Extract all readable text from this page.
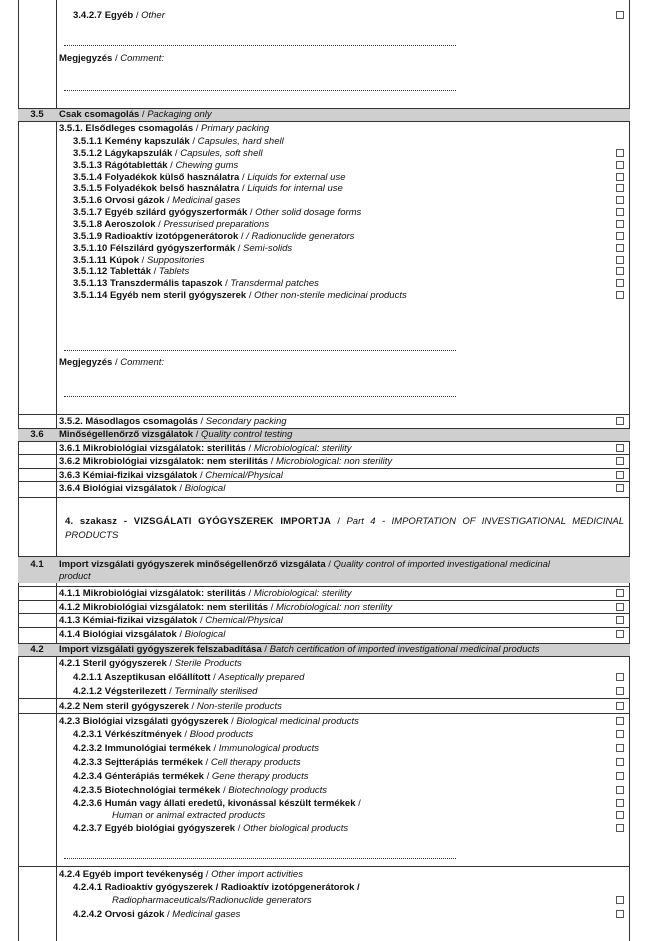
3.4.2.7 Egyéb / Other
Megjegyzés / Comment:
3.5	Csak csomagolás / Packaging only
3.5.1. Elsődleges csomagolás / Primary packing
3.5.1.1 Kemény kapszulák / Capsules, hard shell
3.5.1.2 Lágykapszulák / Capsules, soft shell
3.5.1.3 Rágótabletták / Chewing gums
3.5.1.4 Folyadékok külső használatra / Liquids for external use
3.5.1.5 Folyadékok belső használatra / Liquids for internal use
3.5.1.6 Orvosi gázok / Medicinal gases
3.5.1.7 Egyéb szilárd gyógyszerformák / Other solid dosage forms
3.5.1.8 Aeroszolok / Pressurised preparations
3.5.1.9 Radioaktív izotópgenerátorok / / Radionuclide generators
3.5.1.10 Félszilárd gyógyszerformák / Semi-solids
3.5.1.11 Kúpok / Suppositories
3.5.1.12 Tabletták / Tablets
3.5.1.13 Transzdermális tapaszok / Transdermal patches
3.5.1.14 Egyéb nem steril gyógyszerek / Other non-sterile medicinai products
Megjegyzés / Comment:
3.5.2. Másodlagos csomagolás / Secondary packing
3.6	Minőségellenőrző vizsgálatok / Quality control testing
3.6.1 Mikrobiológiai vizsgálatok: sterilitás / Microbiological: sterility
3.6.2 Mikrobiológiai vizsgálatok: nem sterilitás / Microbiological: non sterility
3.6.3 Kémiai-fizikai vizsgálatok / Chemical/Physical
3.6.4 Biológiai vizsgálatok / Biological
4. szakasz - VIZSGÁLATI GYÓGYSZEREK IMPORTJA / Part 4 - IMPORTATION OF INVESTIGATIONAL MEDICINAL PRODUCTS
4.1	Import vizsgálati gyógyszerek minőségellenőrző vizsgálata / Quality control of imported investigational medicinal
product
4.1.1 Mikrobiológiai vizsgálatok: sterilitás / Microbiological: sterility
4.1.2 Mikrobiológiai vizsgálatok: nem sterilitás / Microbiological: non sterility
4.1.3 Kémiai-fizikai vizsgálatok / Chemical/Physical
4.1.4 Biológiai vizsgálatok / Biological
4.2	Import vizsgálati gyógyszerek felszabadítása / Batch certification of imported investigational medicinal products
4.2.1 Steril gyógyszerek / Sterile Products
4.2.1.1 Aszeptikusan előállított / Aseptically prepared
4.2.1.2 Végsterilezett / Terminally sterilised
4.2.2 Nem steril gyógyszerek / Non-sterile products
4.2.3 Biológiai vizsgálati gyógyszerek / Biological medicinal products
4.2.3.1 Vérkészítmények / Blood products
4.2.3.2 Immunológiai termékek / Immunological products
4.2.3.3 Sejtterápiás termékek / Cell therapy products
4.2.3.4 Génterápiás termékek / Gene therapy products
4.2.3.5 Biotechnológiai termékek / Biotechnology products
4.2.3.6 Humán vagy állati eredetű, kivonással készült termékek /
Human or animal extracted products
4.2.3.7 Egyéb biológiai gyógyszerek / Other biological products
4.2.4 Egyéb import tevékenység / Other import activities
4.2.4.1 Radioaktív gyógyszerek / Radioaktív izotópgenerátorok /
Radiopharmaceuticals/Radionuclide generators
4.2.4.2 Orvosi gázok / Medicinal gases
